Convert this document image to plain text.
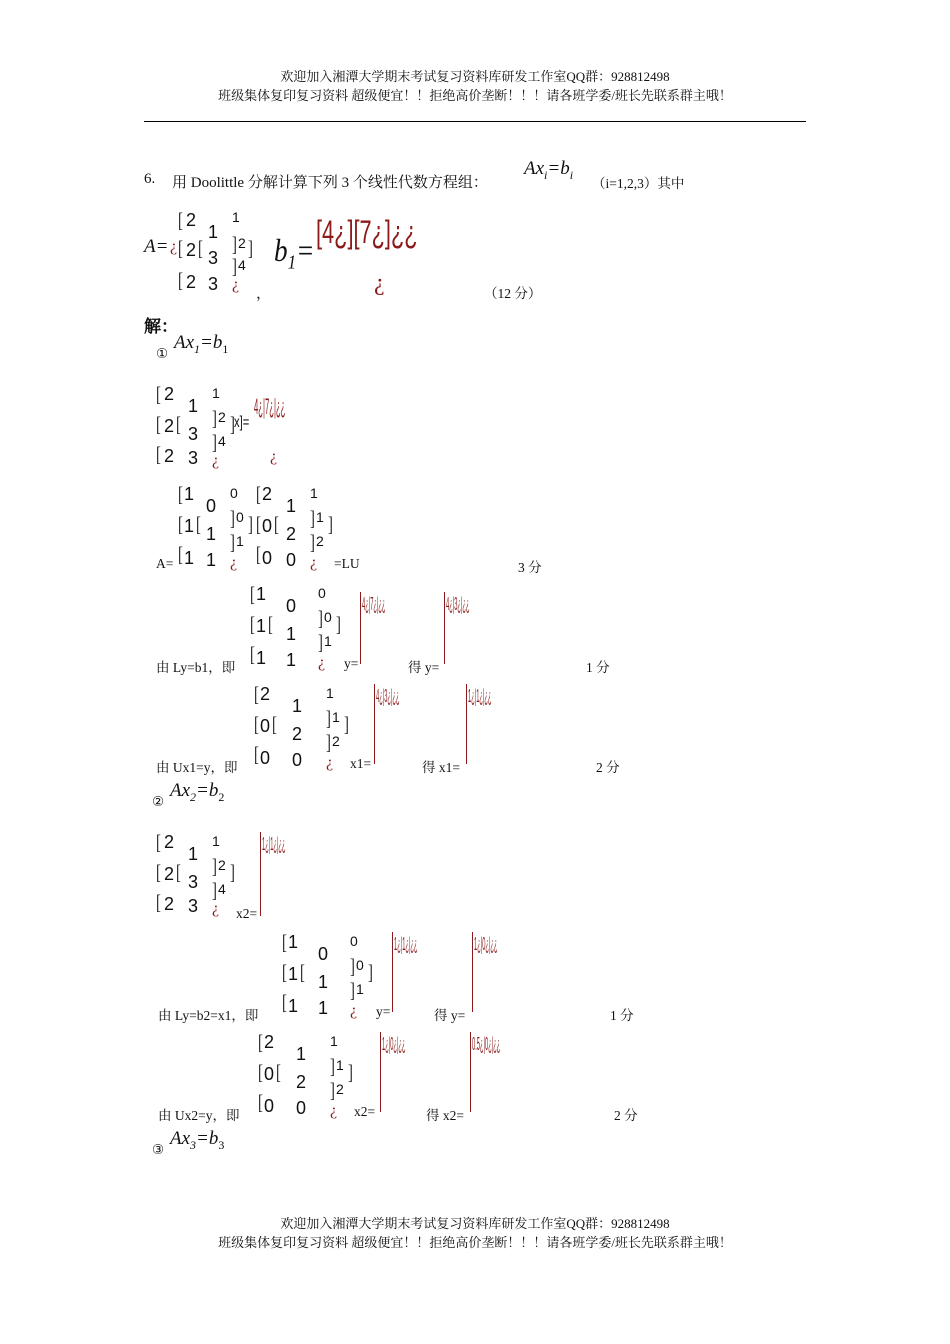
欢迎加入湘潭大学期末考试复习资料库研发工作室QQ群：928812498
班级集体复印复习资料 超级便宜！！拒绝高价垄断！！！请各班学委/班长先联系群主哦！
6. 用 Doolittle 分解计算下列 3 个线性代数方程组：
$Ax_i=b_i$
（i=1,2,3）其中
A= ¿
[
[
[
2
2 [
2
1
3
3
1
] 2 ]
] 4
¿
，
$b_1=$ [4¿][7¿]¿¿
¿	（12 分）
解：
①
$Ax_1=b_1$
[
[
[
2
2 [
2
1
3
3
1
] 2 ]
] 4
¿
x]=
4¿|7¿|¿¿
¿
A=
[
[
[
1
1 [
1
0
1
1
0
] 0 ]
] 1
¿
[
[
[
2
0 [
0
1
2
0
1
] 1 ]
] 2
¿ =LU	3 分
由 Ly=b1，即
[
[
[
1
1 [
1
0
1
1
0
] 0 ]
] 1
¿ y=
4¿|7¿|¿¿
得 y=
4¿|3¿|¿¿
1 分
由 Ux1=y，即
[
[
[
2
0 [
0
1
2
0
1
] 1 ]
] 2
¿ x1=
4¿|3¿|¿¿
得 x1=
1¿|1¿|¿¿
2 分
②
$Ax_2=b_2$
[
[
[
2
2 [
2
1
3
3
1
] 2 ]
] 4
¿ x2=
1¿|1¿|¿¿
由 Ly=b2=x1，即
[
[
[
1
1 [
1
0
1
1
0
] 0 ]
] 1
¿ y=
1¿|1¿|¿¿
得 y=
1¿|0¿|¿¿
1 分
由 Ux2=y，即
[
[
[
2
0 [
0
1
2
0
1
] 1 ]
] 2
¿ x2=
1¿|0¿|¿¿
得 x2=
0.5¿|0¿|¿¿
2 分
③
$Ax_3=b_3$
欢迎加入湘潭大学期末考试复习资料库研发工作室QQ群：928812498
班级集体复印复习资料 超级便宜！！拒绝高价垄断！！！请各班学委/班长先联系群主哦！
